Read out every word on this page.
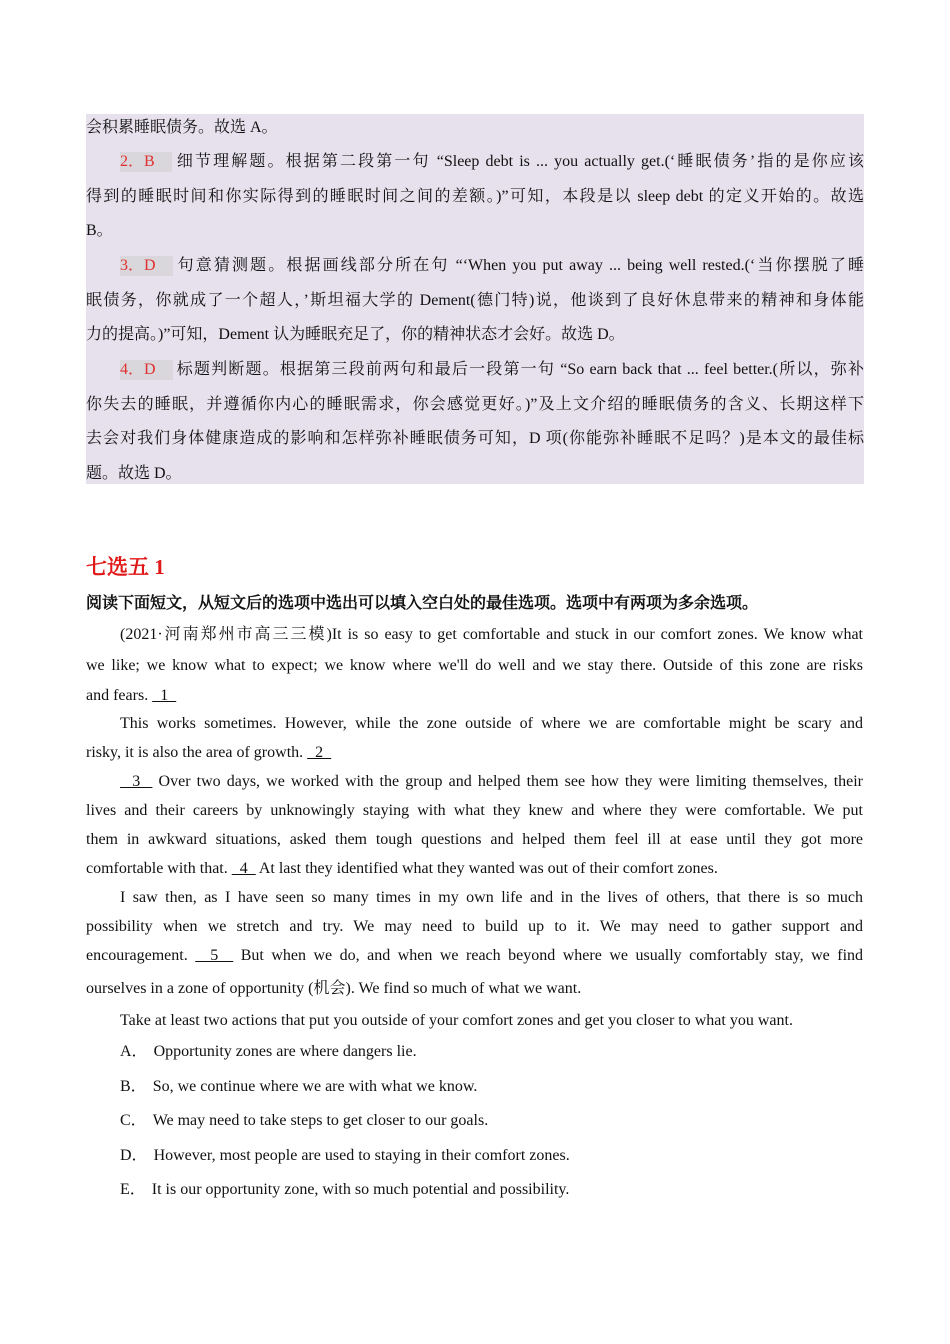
会积累睡眠债务。故选 A。
2．B 细节理解题。根据第二段第一句 “Sleep debt is ... you actually get.(‘睡眠债务’指的是你应该
得到的睡眠时间和你实际得到的睡眠时间之间的差额。)”可知，本段是以 sleep debt 的定义开始的。故选
B。
3．D 句意猜测题。根据画线部分所在句 “‘When you put away ... being well rested.(‘当你摆脱了睡
眠债务，你就成了一个超人，’斯坦福大学的 Dement(德门特)说，他谈到了良好休息带来的精神和身体能
力的提高。)”可知，Dement 认为睡眠充足了，你的精神状态才会好。故选 D。
4．D 标题判断题。根据第三段前两句和最后一段第一句 “So earn back that ... feel better.(所以，弥补
你失去的睡眠，并遵循你内心的睡眠需求，你会感觉更好。)”及上文介绍的睡眠债务的含义、长期这样下
去会对我们身体健康造成的影响和怎样弥补睡眠债务可知，D 项(你能弥补睡眠不足吗？)是本文的最佳标
题。故选 D。
七选五 1
阅读下面短文，从短文后的选项中选出可以填入空白处的最佳选项。选项中有两项为多余选项。
(2021·河南郑州市高三三模)It is so easy to get comfortable and stuck in our comfort zones. We know what
we like; we know what to expect; we know where we'll do well and we stay there. Outside of this zone are risks
and fears.   1
This works sometimes. However, while the zone outside of where we are comfortable might be scary and
risky, it is also the area of growth.   2
3   Over two days, we worked with the group and helped them see how they were limiting themselves, their
lives and their careers by unknowingly staying with what they knew and where they were comfortable. We put
them in awkward situations, asked them tough questions and helped them feel ill at ease until they got more
comfortable with that.   4   At last they identified what they wanted was out of their comfort zones.
I saw then, as I have seen so many times in my own life and in the lives of others, that there is so much
possibility when we stretch and try. We may need to build up to it. We may need to gather support and
encouragement.   5   But when we do, and when we reach beyond where we usually comfortably stay, we find
ourselves in a zone of opportunity (机会). We find so much of what we want.
Take at least two actions that put you outside of your comfort zones and get you closer to what you want.
A． Opportunity zones are where dangers lie.
B． So, we continue where we are with what we know.
C． We may need to take steps to get closer to our goals.
D． However, most people are used to staying in their comfort zones.
E． It is our opportunity zone, with so much potential and possibility.
